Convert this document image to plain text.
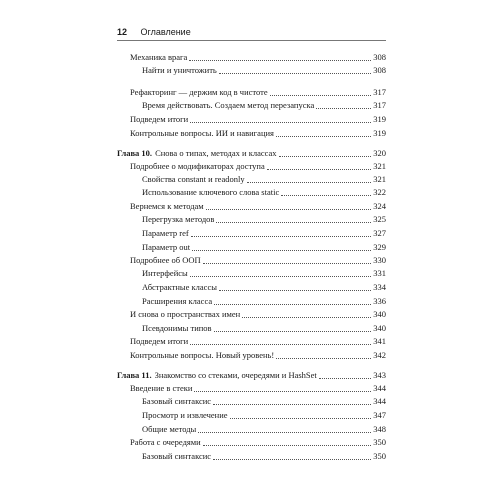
12 Оглавление
Механика врага	308
Найти и уничтожить	308
Рефакторинг — держим код в чистоте	317
Время действовать. Создаем метод перезапуска	317
Подведем итоги	319
Контрольные вопросы. ИИ и навигация	319
Глава 10. Снова о типах, методах и классах	320
Подробнее о модификаторах доступа	321
Свойства constant и readonly	321
Использование ключевого слова static	322
Вернемся к методам	324
Перегрузка методов	325
Параметр ref	327
Параметр out	329
Подробнее об ООП	330
Интерфейсы	331
Абстрактные классы	334
Расширения класса	336
И снова о пространствах имен	340
Псевдонимы типов	340
Подведем итоги	341
Контрольные вопросы. Новый уровень!	342
Глава 11. Знакомство со стеками, очередями и HashSet	343
Введение в стеки	344
Базовый синтаксис	344
Просмотр и извлечение	347
Общие методы	348
Работа с очередями	350
Базовый синтаксис	350
